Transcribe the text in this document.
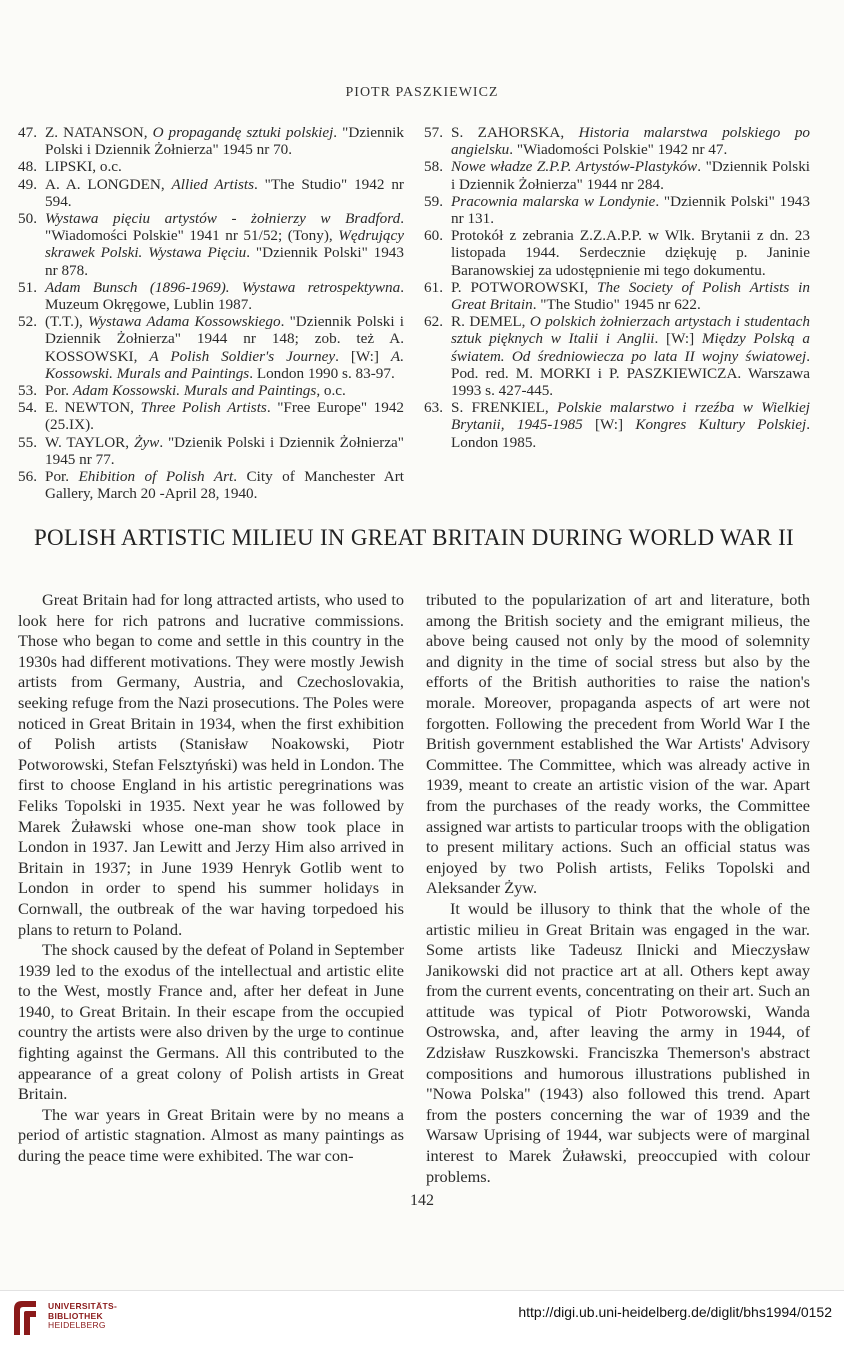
PIOTR PASZKIEWICZ
47. Z. NATANSON, O propagandę sztuki polskiej. "Dziennik Polski i Dziennik Żołnierza" 1945 nr 70.
48. LIPSKI, o.c.
49. A. A. LONGDEN, Allied Artists. "The Studio" 1942 nr 594.
50. Wystawa pięciu artystów - żołnierzy w Bradford. "Wiadomości Polskie" 1941 nr 51/52; (Tony), Wędrujący skrawek Polski. Wystawa Pięciu. "Dziennik Polski" 1943 nr 878.
51. Adam Bunsch (1896-1969). Wystawa retrospektywna. Muzeum Okręgowe, Lublin 1987.
52. (T.T.), Wystawa Adama Kossowskiego. "Dziennik Polski i Dziennik Żołnierza" 1944 nr 148; zob. też A. KOSSOWSKI, A Polish Soldier's Journey. [W:] A. Kossowski. Murals and Paintings. London 1990 s. 83-97.
53. Por. Adam Kossowski. Murals and Paintings, o.c.
54. E. NEWTON, Three Polish Artists. "Free Europe" 1942 (25.IX).
55. W. TAYLOR, Żyw. "Dzienik Polski i Dziennik Żołnierza" 1945 nr 77.
56. Por. Ehibition of Polish Art. City of Manchester Art Gallery, March 20 -April 28, 1940.
57. S. ZAHORSKA, Historia malarstwa polskiego po angielsku. "Wiadomości Polskie" 1942 nr 47.
58. Nowe władze Z.P.P. Artystów-Plastyków. "Dziennik Polski i Dziennik Żołnierza" 1944 nr 284.
59. Pracownia malarska w Londynie. "Dziennik Polski" 1943 nr 131.
60. Protokół z zebrania Z.Z.A.P.P. w Wlk. Brytanii z dn. 23 listopada 1944. Serdecznie dziękuję p. Janinie Baranowskiej za udostępnienie mi tego dokumentu.
61. P. POTWOROWSKI, The Society of Polish Artists in Great Britain. "The Studio" 1945 nr 622.
62. R. DEMEL, O polskich żołnierzach artystach i studentach sztuk pięknych w Italii i Anglii. [W:] Między Polską a światem. Od średniowiecza po lata II wojny światowej. Pod. red. M. MORKI i P. PASZKIEWICZA. Warszawa 1993 s. 427-445.
63. S. FRENKIEL, Polskie malarstwo i rzeźba w Wielkiej Brytanii, 1945-1985 [W:] Kongres Kultury Polskiej. London 1985.
POLISH ARTISTIC MILIEU IN GREAT BRITAIN DURING WORLD WAR II

Great Britain had for long attracted artists, who used to look here for rich patrons and lucrative commissions. Those who began to come and settle in this country in the 1930s had different motivations. They were mostly Jewish artists from Germany, Austria, and Czechoslovakia, seeking refuge from the Nazi prosecutions. The Poles were noticed in Great Britain in 1934, when the first exhibition of Polish artists (Stanisław Noakowski, Piotr Potworowski, Stefan Felsztyński) was held in London. The first to choose England in his artistic peregrinations was Feliks Topolski in 1935. Next year he was followed by Marek Żuławski whose one-man show took place in London in 1937. Jan Lewitt and Jerzy Him also arrived in Britain in 1937; in June 1939 Henryk Gotlib went to London in order to spend his summer holidays in Cornwall, the outbreak of the war having torpedoed his plans to return to Poland.

The shock caused by the defeat of Poland in September 1939 led to the exodus of the intellectual and artistic elite to the West, mostly France and, after her defeat in June 1940, to Great Britain. In their escape from the occupied country the artists were also driven by the urge to continue fighting against the Germans. All this contributed to the appearance of a great colony of Polish artists in Great Britain.

The war years in Great Britain were by no means a period of artistic stagnation. Almost as many paintings as during the peace time were exhibited. The war con-

tributed to the popularization of art and literature, both among the British society and the emigrant milieus, the above being caused not only by the mood of solemnity and dignity in the time of social stress but also by the efforts of the British authorities to raise the nation's morale. Moreover, propaganda aspects of art were not forgotten. Following the precedent from World War I the British government established the War Artists' Advisory Committee. The Committee, which was already active in 1939, meant to create an artistic vision of the war. Apart from the purchases of the ready works, the Committee assigned war artists to particular troops with the obligation to present military actions. Such an official status was enjoyed by two Polish artists, Feliks Topolski and Aleksander Żyw.

It would be illusory to think that the whole of the artistic milieu in Great Britain was engaged in the war. Some artists like Tadeusz Ilnicki and Mieczysław Janikowski did not practice art at all. Others kept away from the current events, concentrating on their art. Such an attitude was typical of Piotr Potworowski, Wanda Ostrowska, and, after leaving the army in 1944, of Zdzisław Ruszkowski. Franciszka Themerson's abstract compositions and humorous illustrations published in "Nowa Polska" (1943) also followed this trend. Apart from the posters concerning the war of 1939 and the Warsaw Uprising of 1944, war subjects were of marginal interest to Marek Żuławski, preoccupied with colour problems.

142
UNIVERSITÄTS-
BIBLIOTHEK
HEIDELBERG
http://digi.ub.uni-heidelberg.de/diglit/bhs1994/0152
